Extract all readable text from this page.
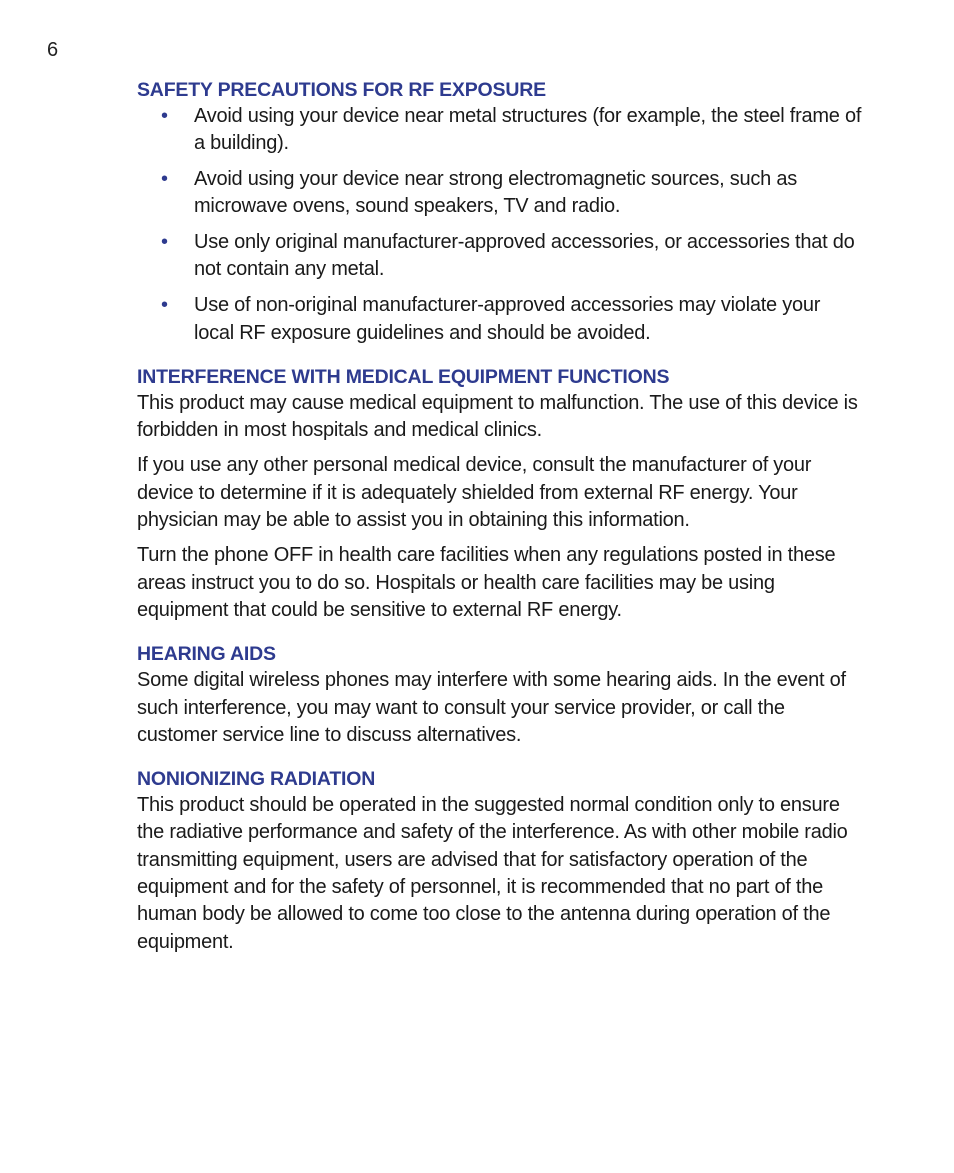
6
SAFETY PRECAUTIONS FOR RF EXPOSURE
• Avoid using your device near metal structures (for example, the steel frame of a building).
• Avoid using your device near strong electromagnetic sources, such as microwave ovens, sound speakers, TV and radio.
• Use only original manufacturer-approved accessories, or accessories that do not contain any metal.
• Use of non-original manufacturer-approved accessories may violate your local RF exposure guidelines and should be avoided.
INTERFERENCE WITH MEDICAL EQUIPMENT FUNCTIONS

This product may cause medical equipment to malfunction. The use of this device is forbidden in most hospitals and medical clinics.

If you use any other personal medical device, consult the manufacturer of your device to determine if it is adequately shielded from external RF energy. Your physician may be able to assist you in obtaining this information.

Turn the phone OFF in health care facilities when any regulations posted in these areas instruct you to do so. Hospitals or health care facilities may be using equipment that could be sensitive to external RF energy.

HEARING AIDS

Some digital wireless phones may interfere with some hearing aids. In the event of such interference, you may want to consult your service provider, or call the customer service line to discuss alternatives.

NONIONIZING RADIATION

This product should be operated in the suggested normal condition only to ensure the radiative performance and safety of the interference. As with other mobile radio transmitting equipment, users are advised that for satisfactory operation of the equipment and for the safety of personnel, it is recommended that no part of the human body be allowed to come too close to the antenna during operation of the equipment.
